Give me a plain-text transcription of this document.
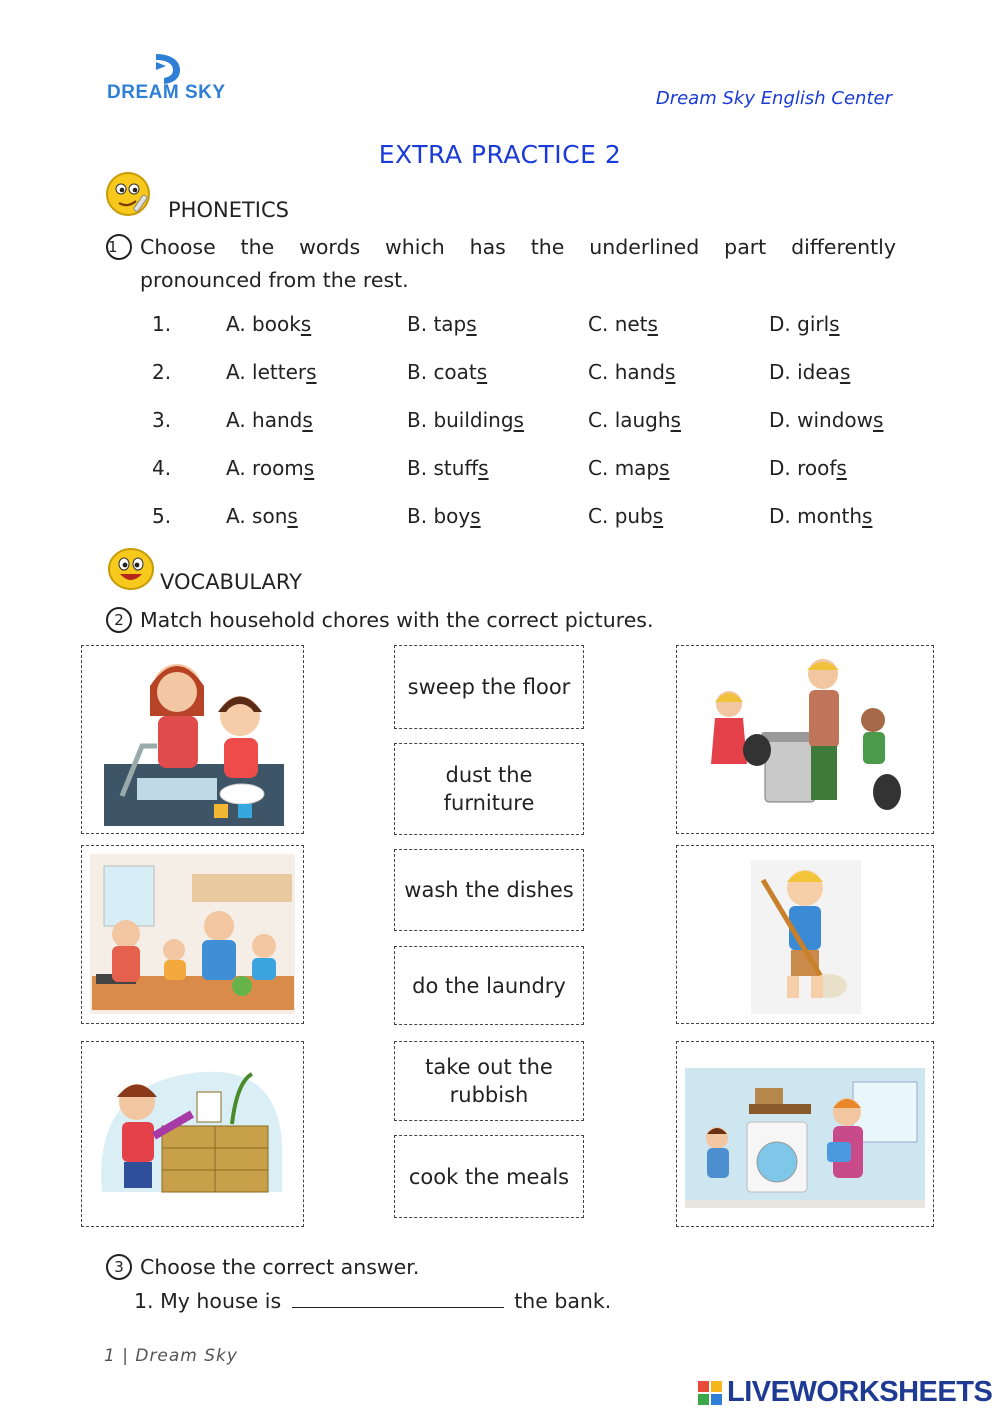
DREAM SKY	Dream Sky English Center
EXTRA PRACTICE 2
PHONETICS
1 Choose the words which has the underlined part differently
pronounced from the rest.
1.	A. books	B. taps	C. nets	D. girls
2.	A. letters	B. coats	C. hands	D. ideas
3.	A. hands	B. buildings	C. laughs	D. windows
4.	A. rooms	B. stuffs	C. maps	D. roofs
5.	A. sons	B. boys	C. pubs	D. months
VOCABULARY
2 Match household chores with the correct pictures.
sweep the floor
dust the furniture
wash the dishes
do the laundry
take out the rubbish
cook the meals
3 Choose the correct answer.
1. My house is	the bank.
1 | Dream Sky
LIVEWORKSHEETS
